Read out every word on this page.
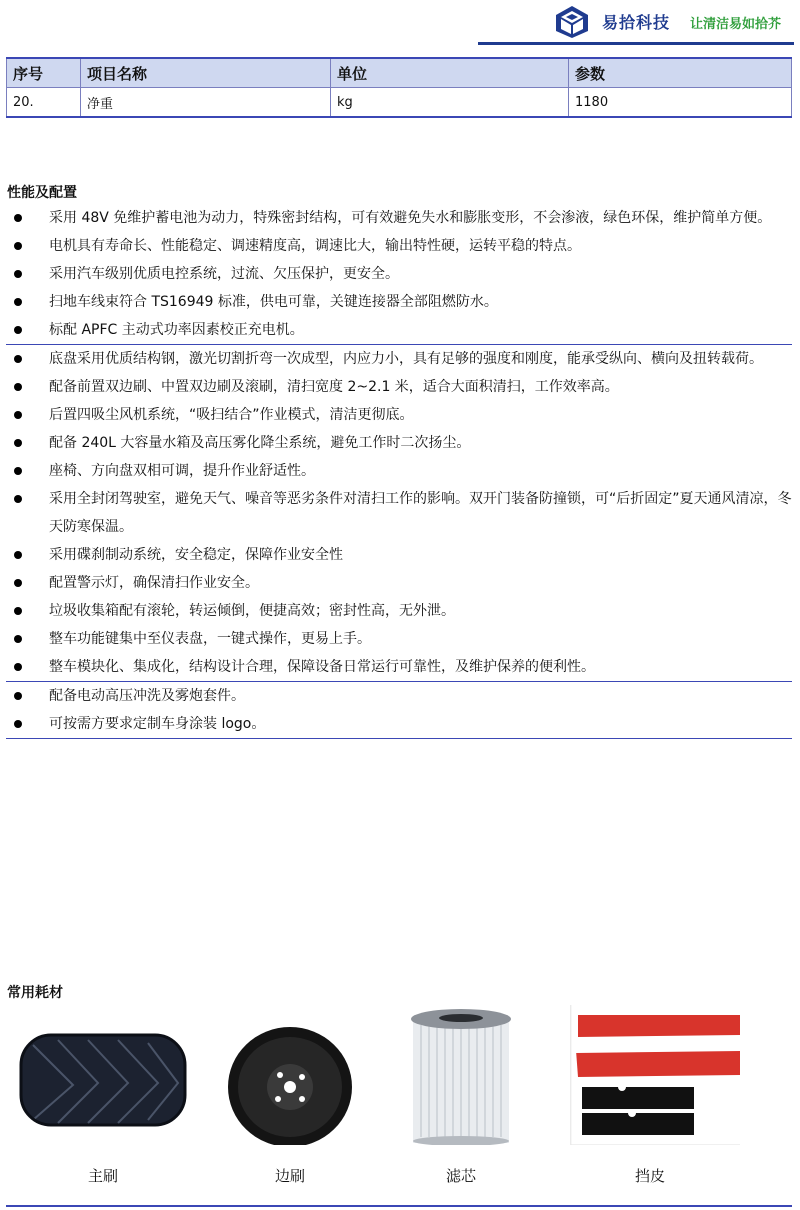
易拾科技 让清洁易如拾芥
序号	项目名称	单位	参数
20.	净重	kg	1180
性能及配置
采用 48V 免维护蓄电池为动力，特殊密封结构，可有效避免失水和膨胀变形，不会渗液，绿色环保，维护简单方便。
电机具有寿命长、性能稳定、调速精度高，调速比大，输出特性硬，运转平稳的特点。
采用汽车级别优质电控系统，过流、欠压保护，更安全。
扫地车线束符合 TS16949 标准，供电可靠，关键连接器全部阻燃防水。
标配 APFC 主动式功率因素校正充电机。
底盘采用优质结构钢，激光切割折弯一次成型，内应力小，具有足够的强度和刚度，能承受纵向、横向及扭转载荷。
配备前置双边刷、中置双边刷及滚刷，清扫宽度 2~2.1 米，适合大面积清扫，工作效率高。
后置四吸尘风机系统，“吸扫结合”作业模式，清洁更彻底。
配备 240L 大容量水箱及高压雾化降尘系统，避免工作时二次扬尘。
座椅、方向盘双相可调，提升作业舒适性。
采用全封闭驾驶室，避免天气、噪音等恶劣条件对清扫工作的影响。双开门装备防撞锁，可“后折固定”夏天通风清凉，冬天防寒保温。
采用碟刹制动系统，安全稳定，保障作业安全性
配置警示灯，确保清扫作业安全。
垃圾收集箱配有滚轮，转运倾倒，便捷高效；密封性高，无外泄。
整车功能键集中至仪表盘，一键式操作，更易上手。
整车模块化、集成化，结构设计合理，保障设备日常运行可靠性，及维护保养的便利性。
配备电动高压冲洗及雾炮套件。
可按需方要求定制车身涂装 logo。
常用耗材
主刷	边刷	滤芯	挡皮
